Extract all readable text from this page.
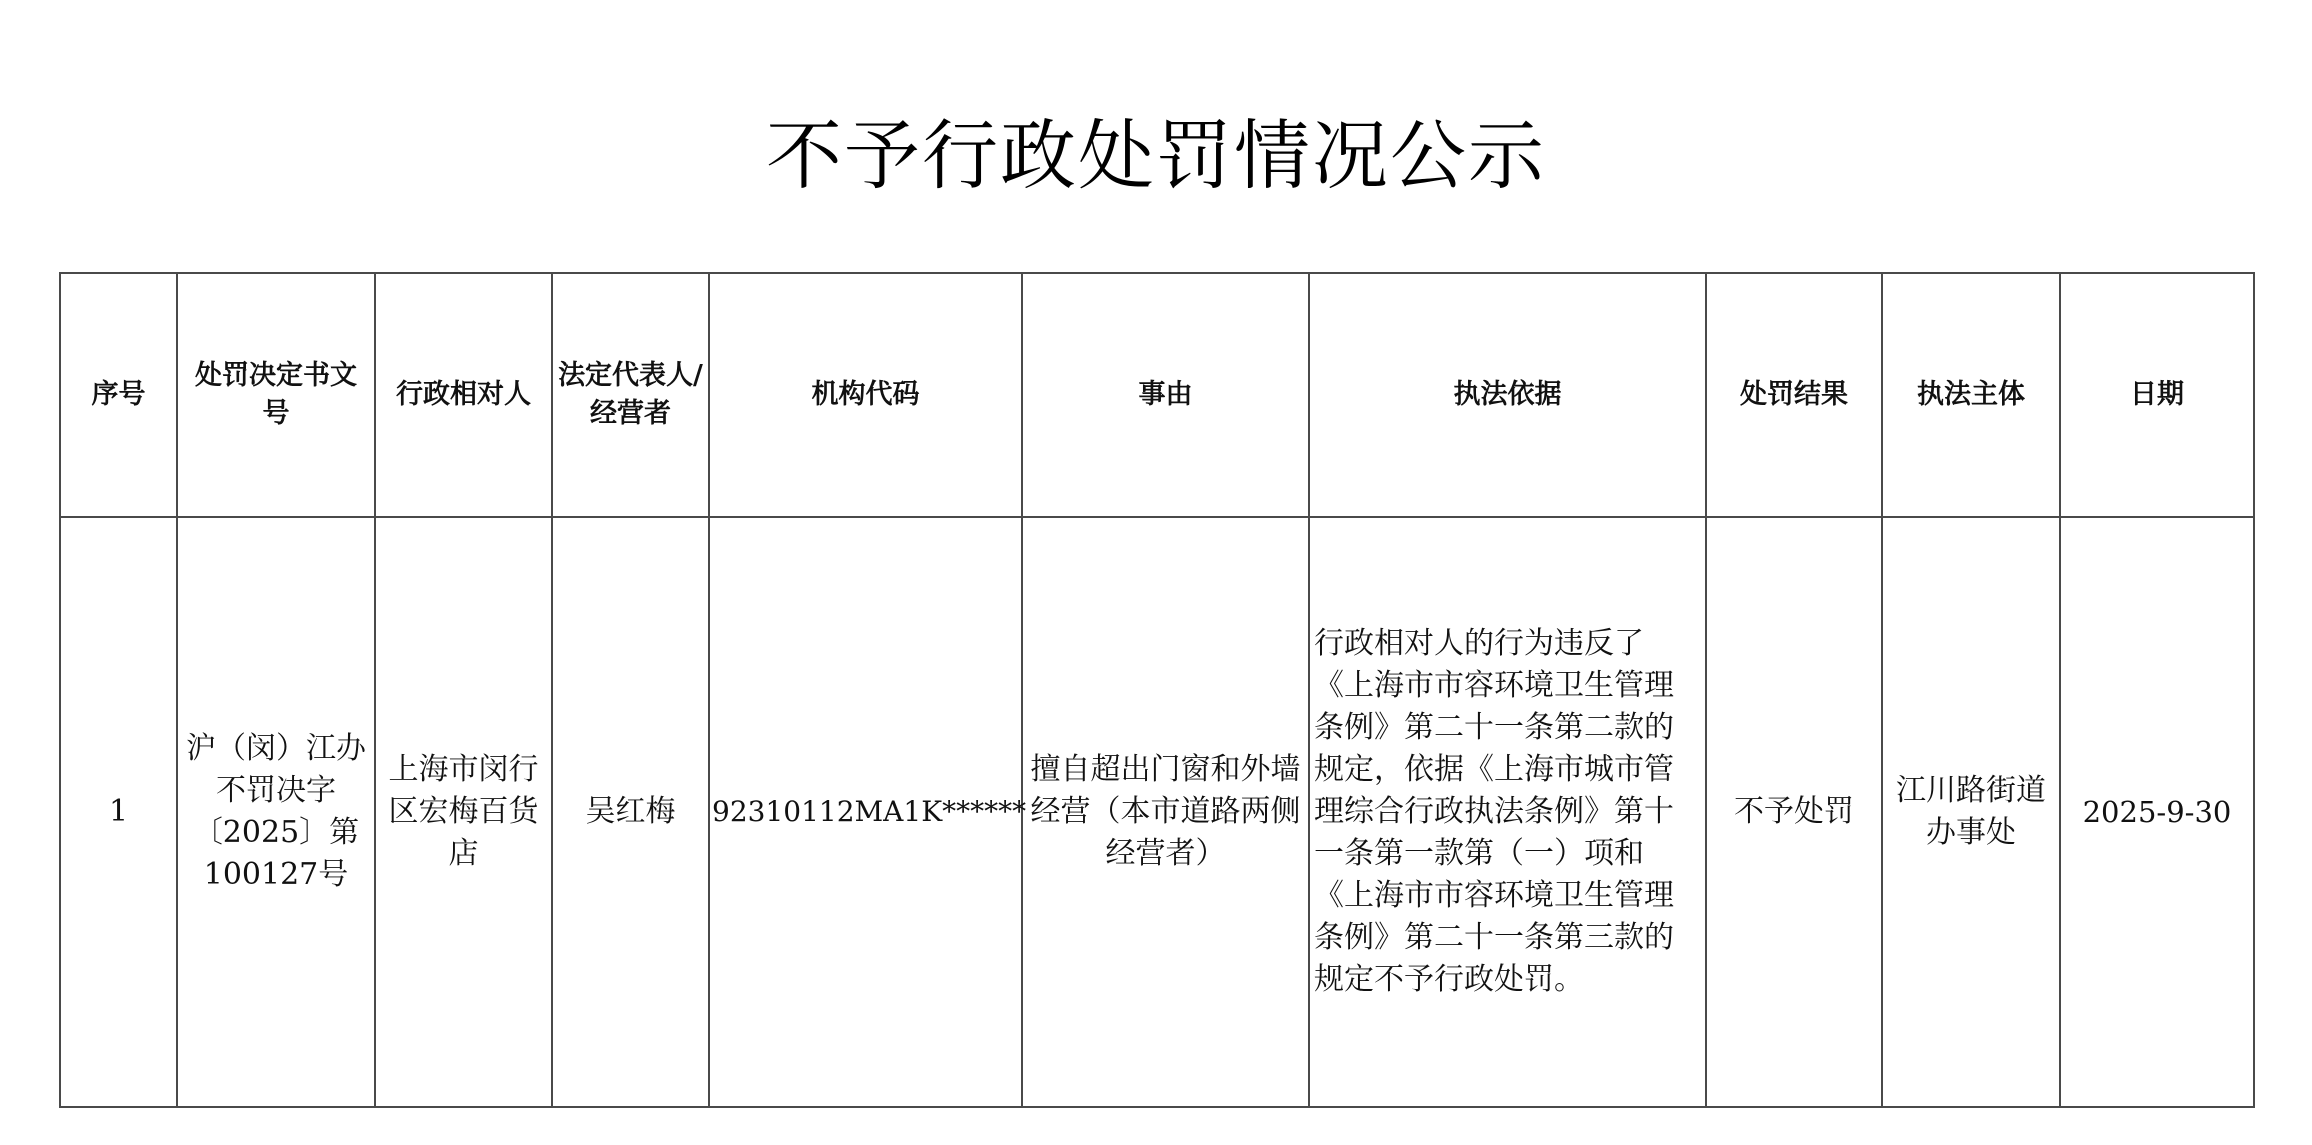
不予行政处罚情况公示
序号	处罚决定书文号	行政相对人	法定代表人/经营者	机构代码	事由	执法依据	处罚结果	执法主体	日期
1	沪（闵）江办不罚决字〔2025〕第100127号	上海市闵行区宏梅百货店	吴红梅	92310112MA1K******	擅自超出门窗和外墙经营（本市道路两侧经营者）	行政相对人的行为违反了《上海市市容环境卫生管理条例》第二十一条第二款的规定，依据《上海市城市管理综合行政执法条例》第十一条第一款第（一）项和《上海市市容环境卫生管理条例》第二十一条第三款的规定不予行政处罚。	不予处罚	江川路街道办事处	2025-9-30
